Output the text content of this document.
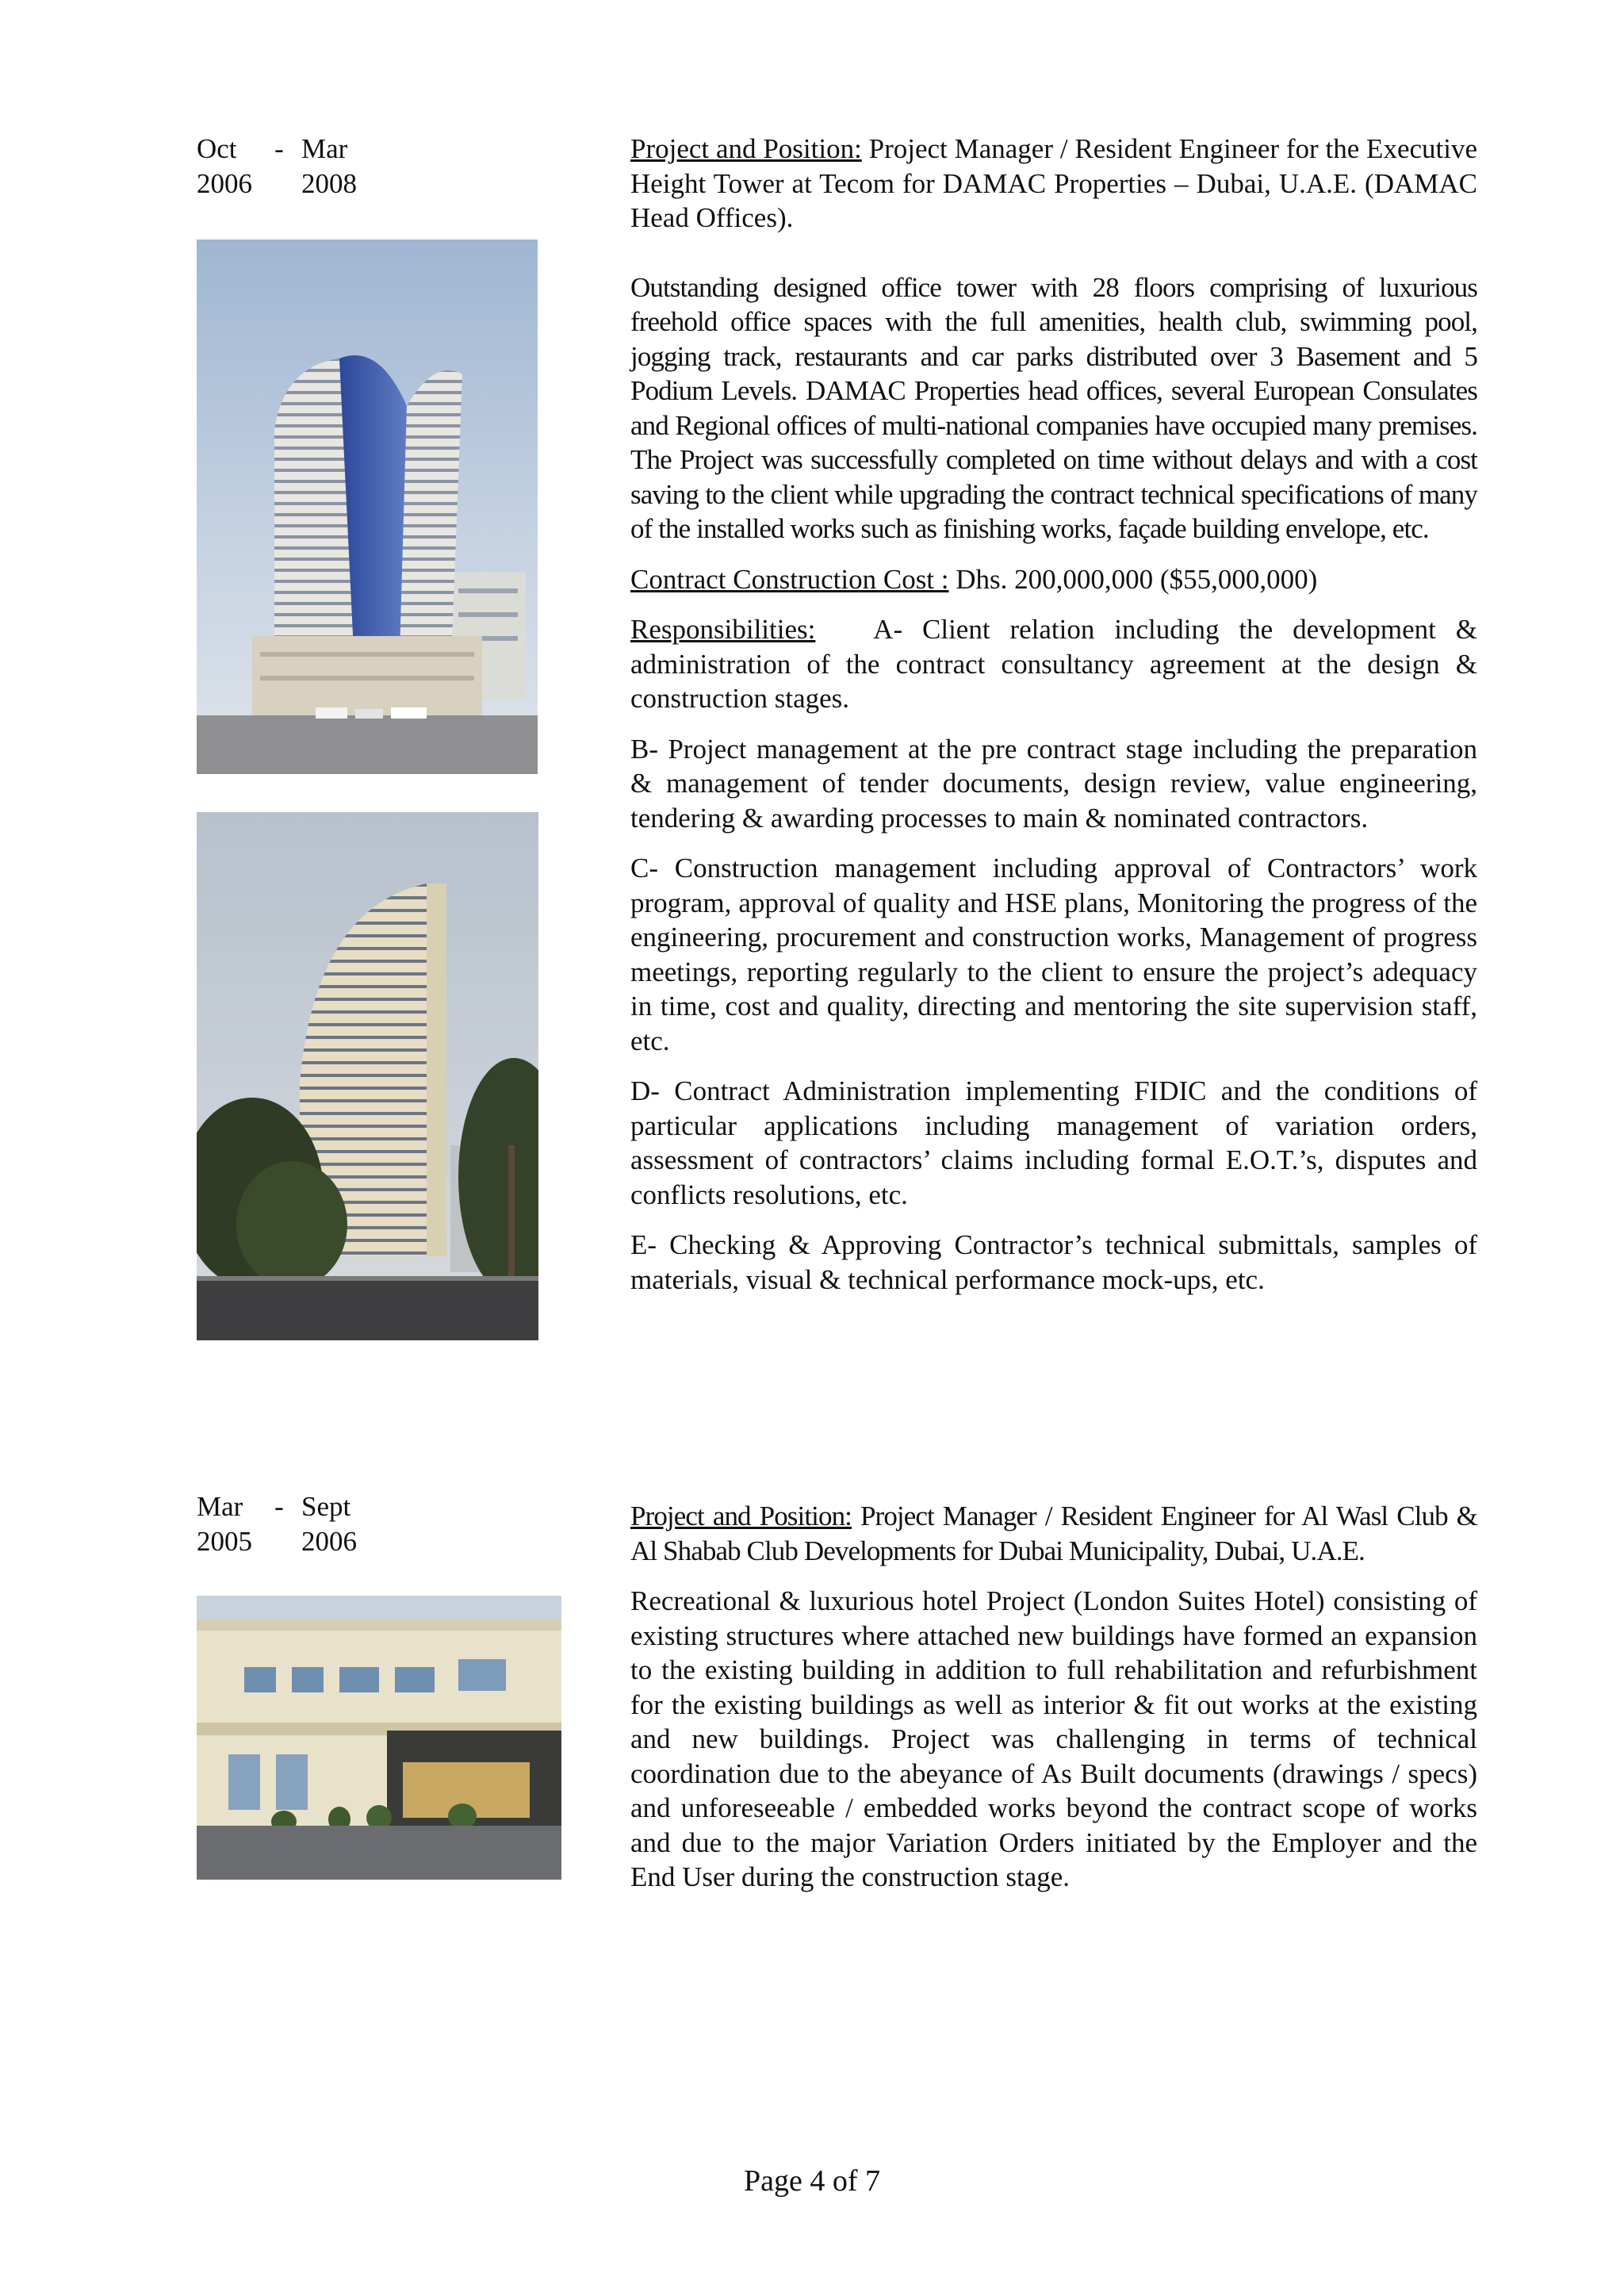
Oct	- Mar
2006 2008

Project and Position: Project Manager / Resident Engineer for the Executive Height Tower at Tecom for DAMAC Properties – Dubai, U.A.E. (DAMAC Head Offices).

Outstanding designed office tower with 28 floors comprising of luxurious freehold office spaces with the full amenities, health club, swimming pool, jogging track, restaurants and car parks distributed over 3 Basement and 5 Podium Levels. DAMAC Properties head offices, several European Consulates and Regional offices of multi-national companies have occupied many premises. The Project was successfully completed on time without delays and with a cost saving to the client while upgrading the contract technical specifications of many of the installed works such as finishing works, façade building envelope, etc.

Contract Construction Cost : Dhs. 200,000,000 ($55,000,000)

Responsibilities:   A- Client relation including the development & administration of the contract consultancy agreement at the design & construction stages.

B- Project management at the pre contract stage including the preparation & management of tender documents, design review, value engineering, tendering & awarding processes to main & nominated contractors.

C- Construction management including approval of Contractors’ work program, approval of quality and HSE plans, Monitoring the progress of the engineering, procurement and construction works, Management of progress meetings, reporting regularly to the client to ensure the project’s adequacy in time, cost and quality, directing and mentoring the site supervision staff, etc.

D- Contract Administration implementing FIDIC and the conditions of particular applications including management of variation orders, assessment of contractors’ claims including formal E.O.T.’s, disputes and conflicts resolutions, etc.

E- Checking & Approving Contractor’s technical submittals, samples of materials, visual & technical performance mock-ups, etc.

Mar	- Sept
2005 2006

Project and Position: Project Manager / Resident Engineer for Al Wasl Club & Al Shabab Club Developments for Dubai Municipality, Dubai, U.A.E.

Recreational & luxurious hotel Project (London Suites Hotel) consisting of existing structures where attached new buildings have formed an expansion to the existing building in addition to full rehabilitation and refurbishment for the existing buildings as well as interior & fit out works at the existing and new buildings. Project was challenging in terms of technical coordination due to the abeyance of As Built documents (drawings / specs) and unforeseeable / embedded works beyond the contract scope of works and due to the major Variation Orders initiated by the Employer and the End User during the construction stage.

Page 4 of 7
